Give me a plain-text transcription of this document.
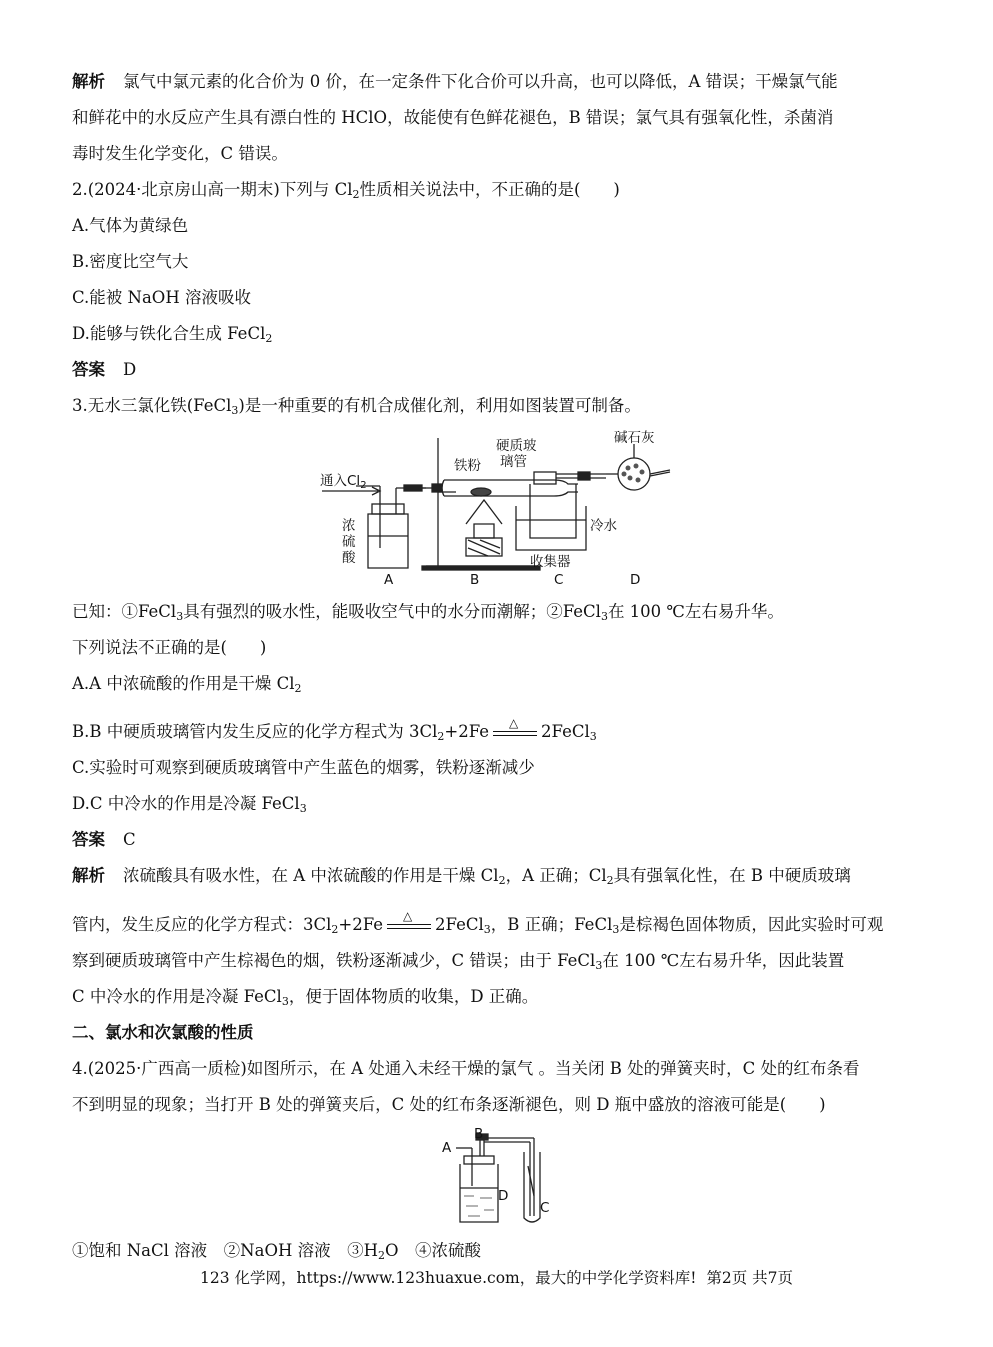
解析 氯气中氯元素的化合价为 0 价，在一定条件下化合价可以升高，也可以降低，A 错误；干燥氯气能
和鲜花中的水反应产生具有漂白性的 HClO，故能使有色鲜花褪色，B 错误；氯气具有强氧化性，杀菌消
毒时发生化学变化，C 错误。
2.(2024·北京房山高一期末)下列与 $Cl_2$性质相关说法中，不正确的是(　　)
A.气体为黄绿色
B.密度比空气大
C.能被 NaOH 溶液吸收
D.能够与铁化合生成 FeCl$_2$
答案 D
3.无水三氯化铁(FeCl$_3$)是一种重要的有机合成催化剂，利用如图装置可制备。
通入$Cl_2$
铁粉
硬质玻
璃管
碱石灰
浓
硫
酸
冷水
收集器
A	B	C	D
已知：①FeCl$_3$具有强烈的吸水性，能吸收空气中的水分而潮解；②FeCl$_3$在 100 ℃左右易升华。
下列说法不正确的是(　　)
A.A 中浓硫酸的作用是干燥 $Cl_2$
B.B 中硬质玻璃管内发生反应的化学方程式为 $3Cl_2+2Fe$ △ 2FeCl$_3$
C.实验时可观察到硬质玻璃管中产生蓝色的烟雾，铁粉逐渐减少
D.C 中冷水的作用是冷凝 FeCl$_3$
答案 C
解析 浓硫酸具有吸水性，在 A 中浓硫酸的作用是干燥 $Cl_2$，A 正确；$Cl_2$具有强氧化性，在 B 中硬质玻璃
管内，发生反应的化学方程式：$3Cl_2+2Fe$ △ 2FeCl$_3$，B 正确；FeCl$_3$是棕褐色固体物质，因此实验时可观
察到硬质玻璃管中产生棕褐色的烟，铁粉逐渐减少，C 错误；由于 FeCl$_3$在 100 ℃左右易升华，因此装置
C 中冷水的作用是冷凝 FeCl$_3$，便于固体物质的收集，D 正确。
二、氯水和次氯酸的性质
4.(2025·广西高一质检)如图所示，在 A 处通入未经干燥的氯气 。当关闭 B 处的弹簧夹时，C 处的红布条看
不到明显的现象；当打开 B 处的弹簧夹后，C 处的红布条逐渐褪色，则 D 瓶中盛放的溶液可能是(　　)
A
B
D
C
①饱和 NaCl 溶液　②NaOH 溶液　$③H_2O$　④浓硫酸
123 化学网，https://www.123huaxue.com，最大的中学化学资料库! 第2页 共7页
